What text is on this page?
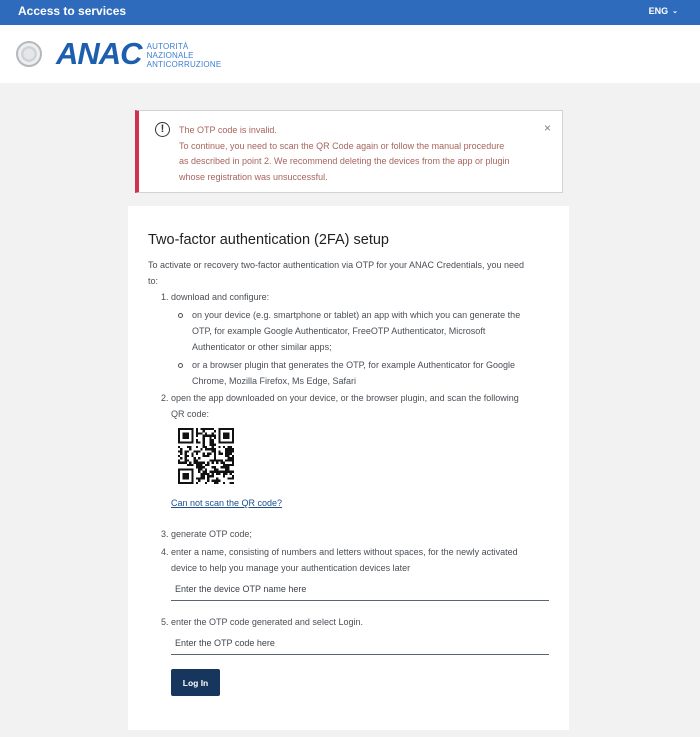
Access to services	ENG ⌄
ANAC AUTORITÀ
NAZIONALE
ANTICORRUZIONE
!	The OTP code is invalid.
To continue, you need to scan the QR Code again or follow the manual procedure
as described in point 2. We recommend deleting the devices from the app or plugin
whose registration was unsuccessful.
×
Two-factor authentication (2FA) setup
To activate or recovery two-factor authentication via OTP for your ANAC Credentials, you need
to:
1. download and configure:
on your device (e.g. smartphone or tablet) an app with which you can generate the
OTP, for example Google Authenticator, FreeOTP Authenticator, Microsoft
Authenticator or other similar apps;
or a browser plugin that generates the OTP, for example Authenticator for Google
Chrome, Mozilla Firefox, Ms Edge, Safari
2. open the app downloaded on your device, or the browser plugin, and scan the following
QR code:
Can not scan the QR code?
3. generate OTP code;
4. enter a name, consisting of numbers and letters without spaces, for the newly activated
device to help you manage your authentication devices later
Enter the device OTP name here
5. enter the OTP code generated and select Login.
Enter the OTP code here
Log In
